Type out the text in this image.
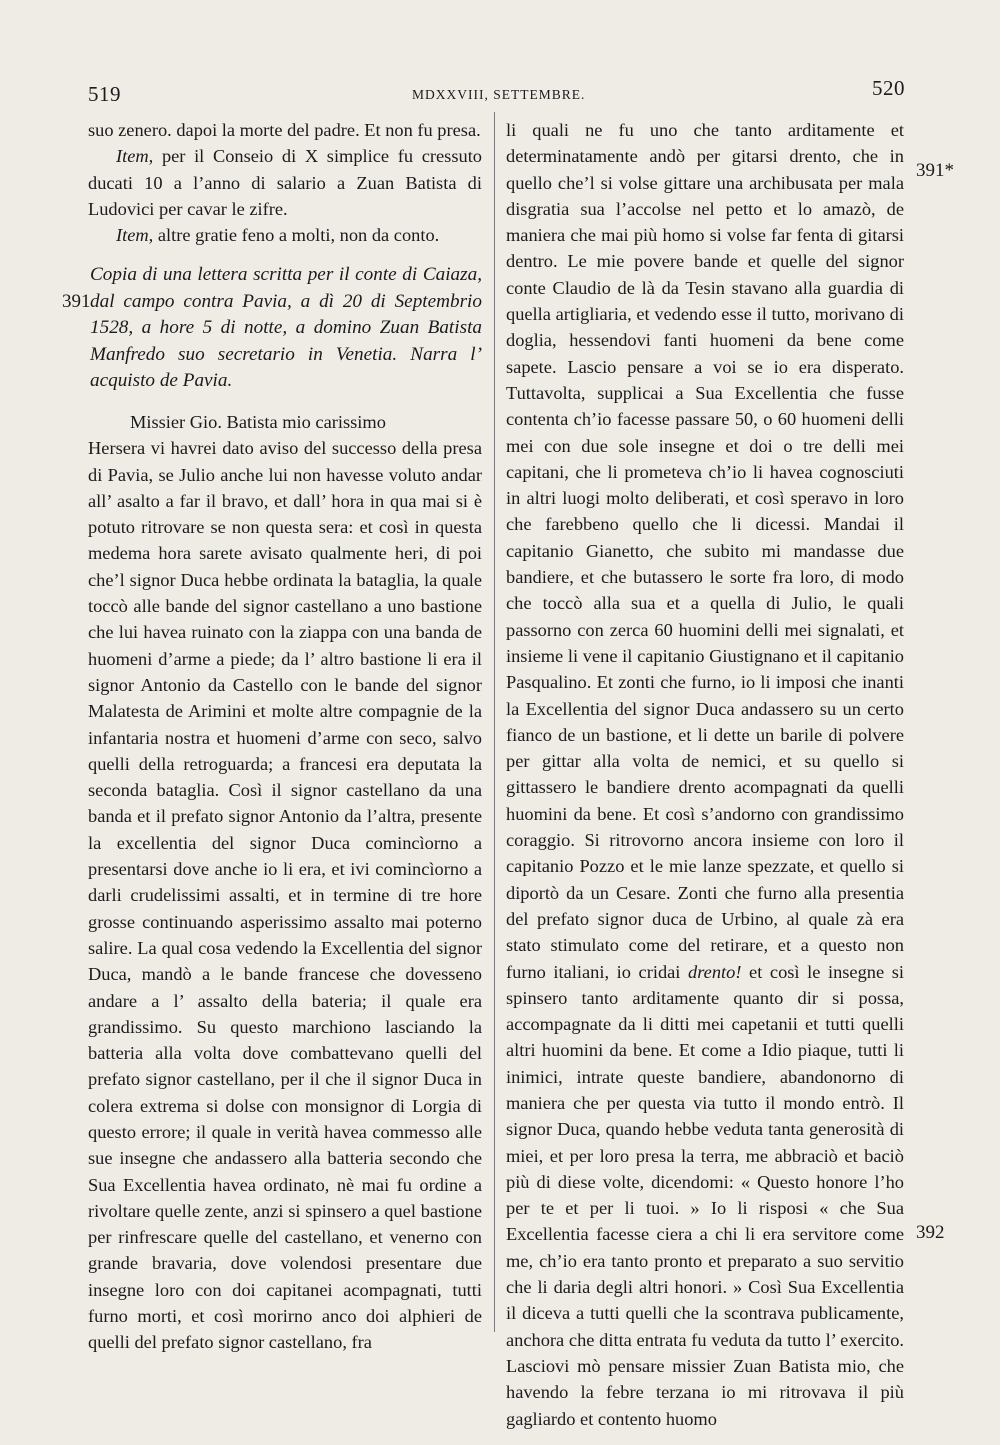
519	MDXXVIII, SETTEMBRE.	520

suo zenero. dapoi la morte del padre. Et non fu presa.

Item, per il Conseio di X simplice fu cressuto ducati 10 a l’anno di salario a Zuan Batista di Ludovici per cavar le zifre.

Item, altre gratie feno a molti, non da conto.

Copia di una lettera scritta per il conte di Caiaza, dal campo contra Pavia, a dì 20 di Septembrio 1528, a hore 5 di notte, a domino Zuan Batista Manfredo suo secretario in Venetia. Narra l’ acquisto de Pavia.

Missier Gio. Batista mio carissimo

Hersera vi havrei dato aviso del successo della presa di Pavia, se Julio anche lui non havesse voluto andar all’ asalto a far il bravo, et dall’ hora in qua mai si è potuto ritrovare se non questa sera: et così in questa medema hora sarete avisato qualmente heri, di poi che’l signor Duca hebbe ordinata la bataglia, la quale toccò alle bande del signor castellano a uno bastione che lui havea ruinato con la ziappa con una banda de huomeni d’arme a piede; da l’ altro bastione li era il signor Antonio da Castello con le bande del signor Malatesta de Arimini et molte altre compagnie de la infantaria nostra et huomeni d’arme con seco, salvo quelli della retroguarda; a francesi era deputata la seconda bataglia. Così il signor castellano da una banda et il prefato signor Antonio da l’altra, presente la excellentia del signor Duca comincìorno a presentarsi dove anche io li era, et ivi comincìorno a darli crudelissimi assalti, et in termine di tre hore grosse continuando asperissimo assalto mai poterno salire. La qual cosa vedendo la Excellentia del signor Duca, mandò a le bande francese che dovesseno andare a l’ assalto della bateria; il quale era grandissimo. Su questo marchiono lasciando la batteria alla volta dove combattevano quelli del prefato signor castellano, per il che il signor Duca in colera extrema si dolse con monsignor di Lorgia di questo errore; il quale in verità havea commesso alle sue insegne che andassero alla batteria secondo che Sua Excellentia havea ordinato, nè mai fu ordine a rivoltare quelle zente, anzi si spinsero a quel bastione per rinfrescare quelle del castellano, et venerno con grande bravaria, dove volendosi presentare due insegne loro con doi capitanei acompagnati, tutti furno morti, et così morirno anco doi alphieri de quelli del prefato signor castellano, fra

li quali ne fu uno che tanto arditamente et determinatamente andò per gitarsi drento, che in quello che’l si volse gittare una archibusata per mala disgratia sua l’accolse nel petto et lo amazò, de maniera che mai più homo si volse far fenta di gitarsi dentro. Le mie povere bande et quelle del signor conte Claudio de là da Tesin stavano alla guardia di quella artigliaria, et vedendo esse il tutto, morivano di doglia, hessendovi fanti huomeni da bene come sapete. Lascio pensare a voi se io era disperato. Tuttavolta, supplicai a Sua Excellentia che fusse contenta ch’io facesse passare 50, o 60 huomeni delli mei con due sole insegne et doi o tre delli mei capitani, che li prometeva ch’io li havea cognosciuti in altri luogi molto deliberati, et così speravo in loro che farebbeno quello che li dicessi. Mandai il capitanio Gianetto, che subito mi mandasse due bandiere, et che butassero le sorte fra loro, di modo che toccò alla sua et a quella di Julio, le quali passorno con zerca 60 huomini delli mei signalati, et insieme li vene il capitanio Giustignano et il capitanio Pasqualino. Et zonti che furno, io li imposi che inanti la Excellentia del signor Duca andassero su un certo fianco de un bastione, et li dette un barile di polvere per gittar alla volta de nemici, et su quello si gittassero le bandiere drento acompagnati da quelli huomini da bene. Et così s’andorno con grandissimo coraggio. Si ritrovorno ancora insieme con loro il capitanio Pozzo et le mie lanze spezzate, et quello si diportò da un Cesare. Zonti che furno alla presentia del prefato signor duca de Urbino, al quale zà era stato stimulato come del retirare, et a questo non furno italiani, io cridai drento! et così le insegne si spinsero tanto arditamente quanto dir si possa, accompagnate da li ditti mei capetanii et tutti quelli altri huomini da bene. Et come a Idio piaque, tutti li inimici, intrate queste bandiere, abandonorno di maniera che per questa via tutto il mondo entrò. Il signor Duca, quando hebbe veduta tanta generosità di miei, et per loro presa la terra, me abbraciò et baciò più di diese volte, dicendomi: « Questo honore l’ho per te et per li tuoi. » Io li risposi « che Sua Excellentia facesse ciera a chi li era servitore come me, ch’io era tanto pronto et preparato a suo servitio che li daria degli altri honori. » Così Sua Excellentia il diceva a tutti quelli che la scontrava publicamente, anchora che ditta entrata fu veduta da tutto l’ exercito. Lasciovi mò pensare missier Zuan Batista mio, che havendo la febre terzana io mi ritrovava il più gagliardo et contento huomo

391
391*
392
